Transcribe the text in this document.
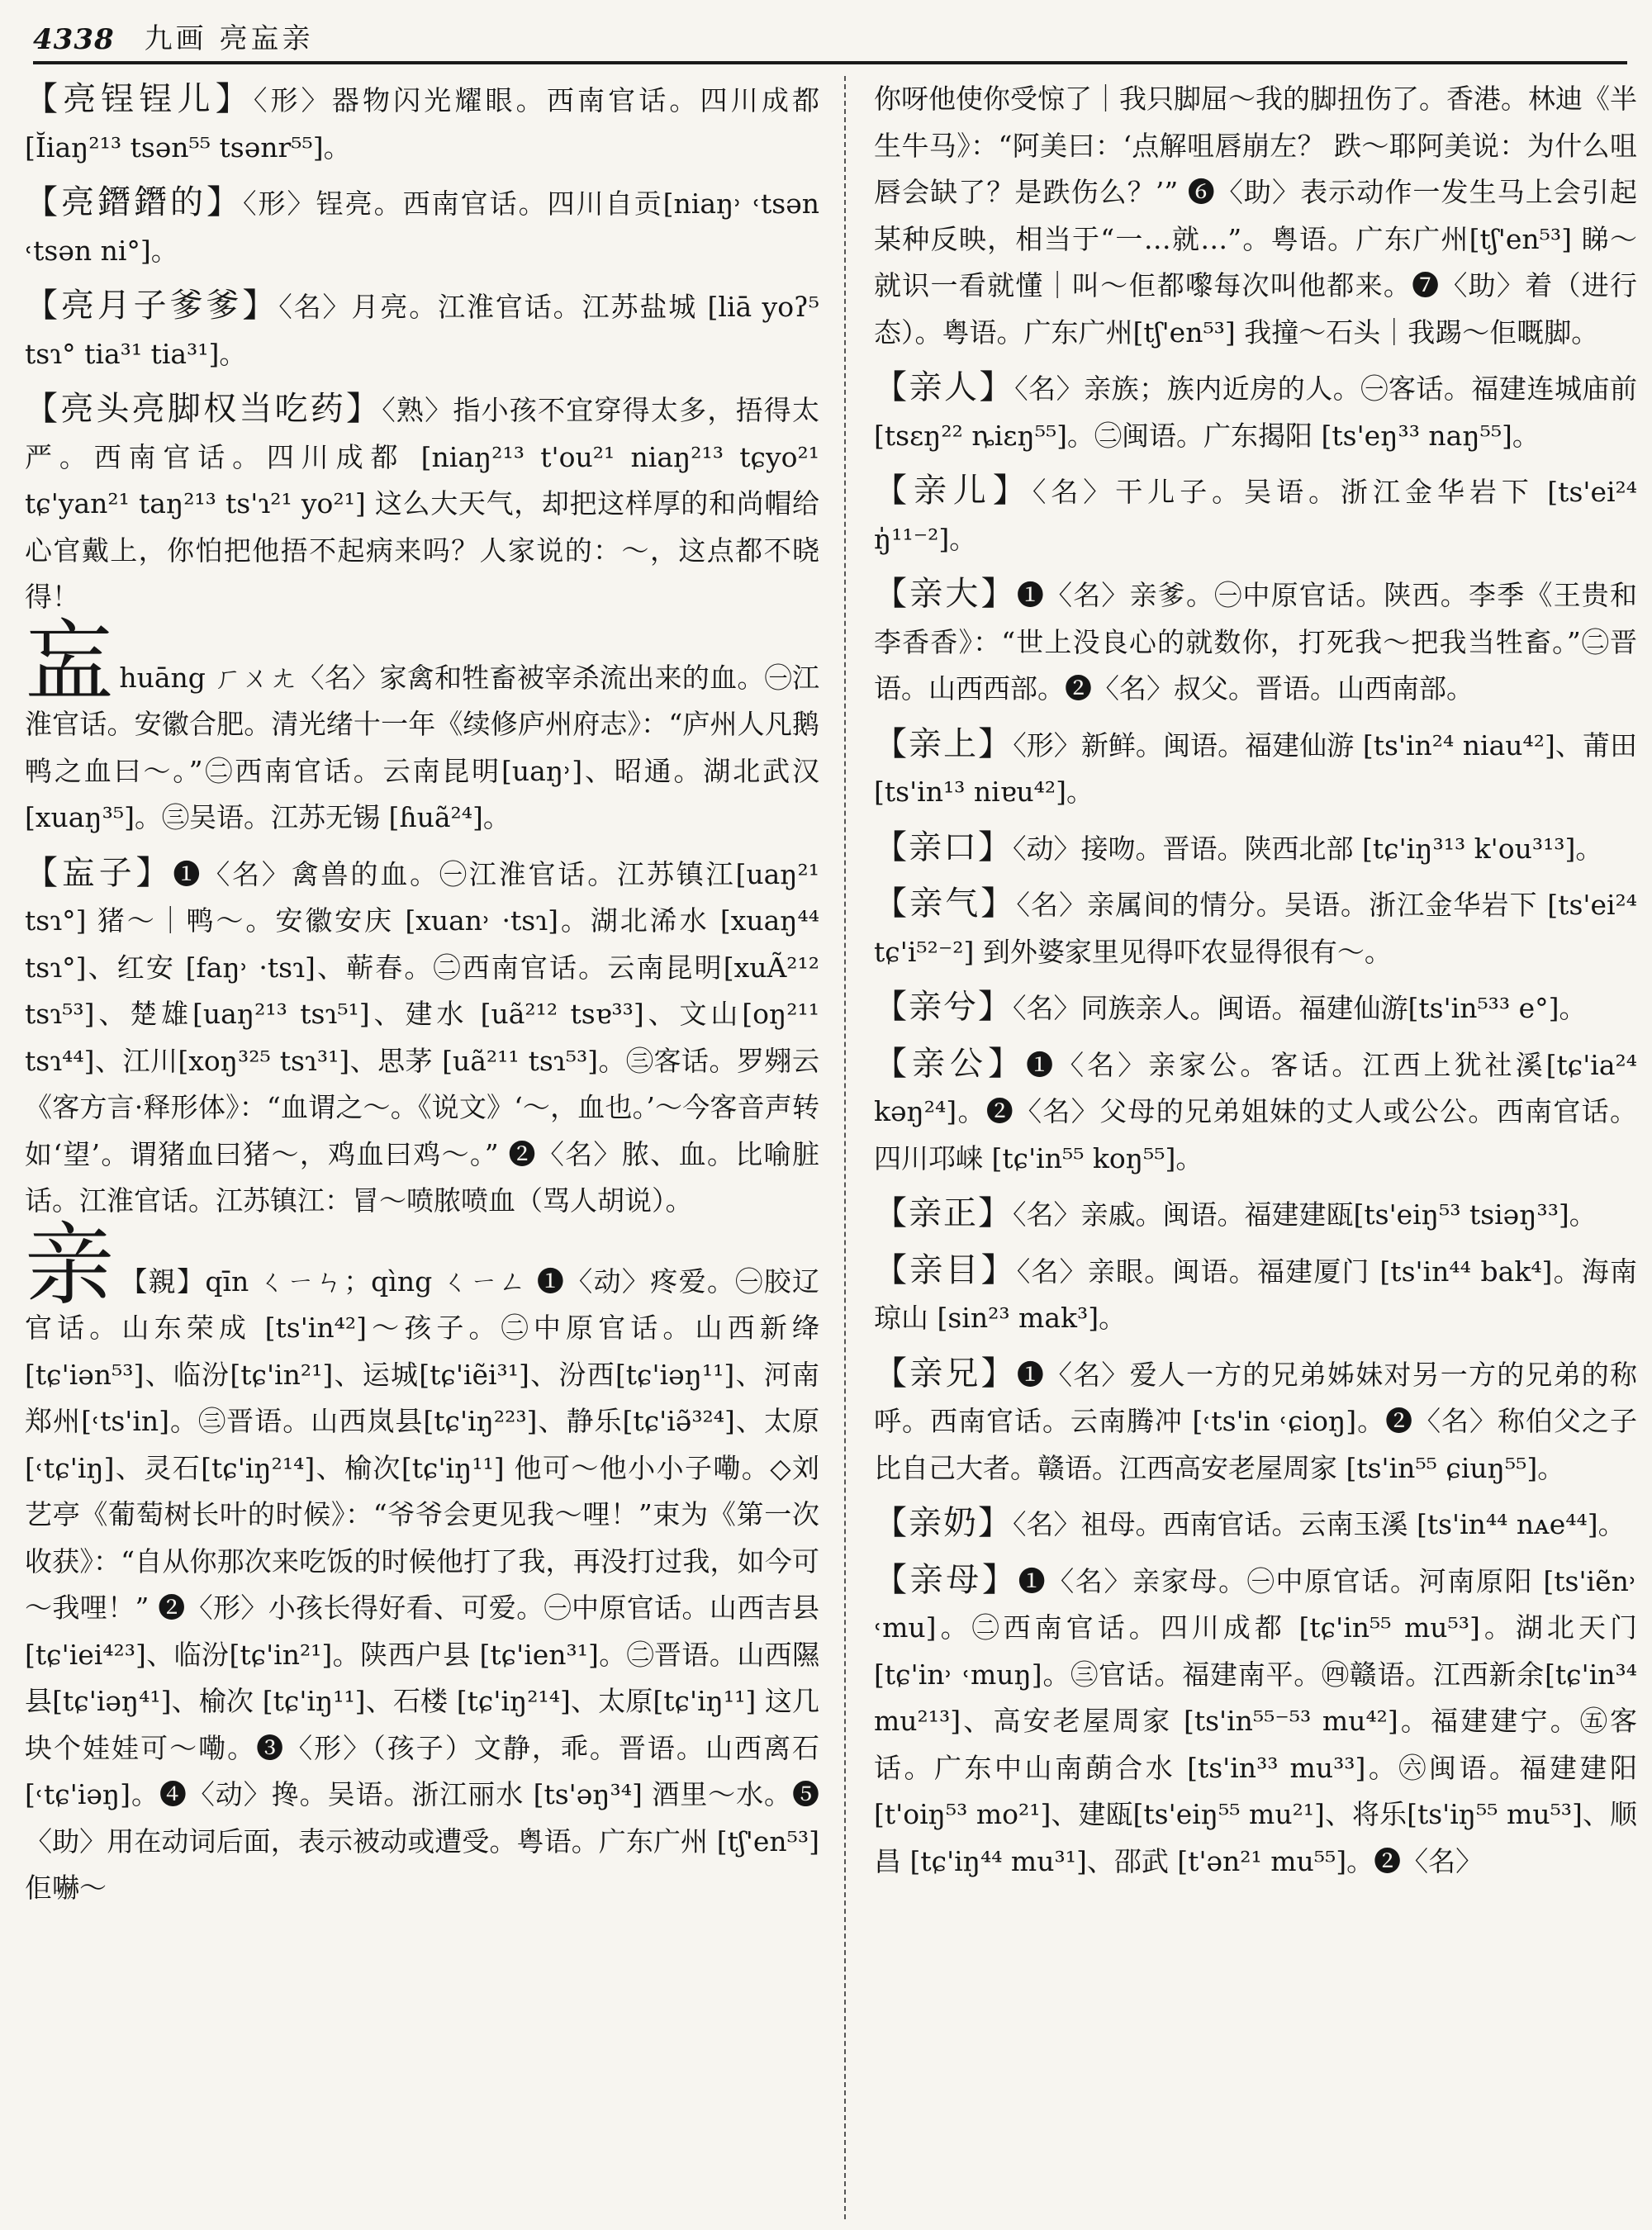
4338 九画 亮衁亲
【亮锃锃儿】〈形〉器物闪光耀眼。西南官话。四川成都 [Ĭiaŋ²¹³ tsən⁵⁵ tsənr⁵⁵]。
【亮鐕鐕的】〈形〉锃亮。西南官话。四川自贡[niaŋ˒ ˓tsən ˓tsən ni°]。
【亮月子爹爹】〈名〉月亮。江淮官话。江苏盐城 [liā yoʔ⁵ tsɿ° tia³¹ tia³¹]。
【亮头亮脚权当吃药】〈熟〉指小孩不宜穿得太多，捂得太严。西南官话。四川成都 [niaŋ²¹³ t'ou²¹ niaŋ²¹³ tɕyo²¹ tɕ'yan²¹ taŋ²¹³ ts'ɿ²¹ yo²¹] 这么大天气，却把这样厚的和尚帽给心官戴上，你怕把他捂不起病来吗？人家说的：～，这点都不晓得！
衁huāng ㄏㄨㄤ〈名〉家禽和牲畜被宰杀流出来的血。㊀江淮官话。安徽合肥。清光绪十一年《续修庐州府志》：“庐州人凡鹅鸭之血曰～。”㊁西南官话。云南昆明[uaŋ˒]、昭通。湖北武汉 [xuaŋ³⁵]。㊂吴语。江苏无锡 [ɦuã²⁴]。
【衁子】❶〈名〉禽兽的血。㊀江淮官话。江苏镇江[uaŋ²¹ tsɿ°] 猪～｜鸭～。安徽安庆 [xuan˒ ·tsɿ]。湖北浠水 [xuaŋ⁴⁴ tsɿ°]、红安 [faŋ˒ ·tsɿ]、蕲春。㊁西南官话。云南昆明[xuÃ²¹² tsɿ⁵³]、楚雄[uaŋ²¹³ tsɿ⁵¹]、建水 [uã²¹² tsɐ³³]、文山[oŋ²¹¹ tsɿ⁴⁴]、江川[xoŋ³²⁵ tsɿ³¹]、思茅 [uã²¹¹ tsɿ⁵³]。㊂客话。罗翙云《客方言·释形体》：“血谓之～。《说文》‘～，血也。’～今客音声转如‘望’。谓猪血曰猪～，鸡血曰鸡～。” ❷〈名〉脓、血。比喻脏话。江淮官话。江苏镇江：冒～喷脓喷血（骂人胡说）。
亲 【親】qīn ㄑㄧㄣ；qìng ㄑㄧㄥ ❶〈动〉疼爱。㊀胶辽官话。山东荣成 [ts'in⁴²]～孩子。㊁中原官话。山西新绛[tɕ'iən⁵³]、临汾[tɕ'in²¹]、运城[tɕ'iẽi³¹]、汾西[tɕ'iəŋ¹¹]、河南郑州[˓ts'in]。㊂晋语。山西岚县[tɕ'iŋ²²³]、静乐[tɕ'iə̃³²⁴]、太原[˓tɕ'iŋ]、灵石[tɕ'iŋ²¹⁴]、榆次[tɕ'iŋ¹¹] 他可～他小小子嘞。◇刘艺亭《葡萄树长叶的时候》：“爷爷会更见我～哩！”束为《第一次收获》：“自从你那次来吃饭的时候他打了我，再没打过我，如今可～我哩！” ❷〈形〉小孩长得好看、可爱。㊀中原官话。山西吉县 [tɕ'iei⁴²³]、临汾[tɕ'in²¹]。陕西户县 [tɕ'ien³¹]。㊁晋语。山西隰县[tɕ'iəŋ⁴¹]、榆次 [tɕ'iŋ¹¹]、石楼 [tɕ'iŋ²¹⁴]、太原[tɕ'iŋ¹¹] 这几块个娃娃可～嘞。❸〈形〉（孩子）文静，乖。晋语。山西离石 [˓tɕ'iəŋ]。❹〈动〉搀。吴语。浙江丽水 [ts'əŋ³⁴] 酒里～水。❺〈助〉用在动词后面，表示被动或遭受。粤语。广东广州 [tʃ'en⁵³] 佢嚇～
你呀他使你受惊了｜我只脚屈～我的脚扭伤了。香港。林迪《半生牛马》：“阿美曰：‘点解咀唇崩左？ 跌～耶阿美说：为什么咀唇会缺了？是跌伤么？’” ❻〈助〉表示动作一发生马上会引起某种反映，相当于“一…就…”。粤语。广东广州[tʃ'en⁵³] 睇～就识一看就懂｜叫～佢都嚟每次叫他都来。❼〈助〉着（进行态）。粤语。广东广州[tʃ'en⁵³] 我撞～石头｜我踢～佢嘅脚。
【亲人】〈名〉亲族；族内近房的人。㊀客话。福建连城庙前 [tsɛŋ²² ȵiɛŋ⁵⁵]。㊁闽语。广东揭阳 [ts'eŋ³³ naŋ⁵⁵]。
【亲儿】〈名〉干儿子。吴语。浙江金华岩下 [ts'ei²⁴ ŋ̍¹¹⁻²]。
【亲大】❶〈名〉亲爹。㊀中原官话。陕西。李季《王贵和李香香》：“世上没良心的就数你，打死我～把我当牲畜。”㊁晋语。山西西部。❷〈名〉叔父。晋语。山西南部。
【亲上】〈形〉新鲜。闽语。福建仙游 [ts'in²⁴ niau⁴²]、莆田 [ts'in¹³ niɐu⁴²]。
【亲口】〈动〉接吻。晋语。陕西北部 [tɕ'iŋ³¹³ k'ou³¹³]。
【亲气】〈名〉亲属间的情分。吴语。浙江金华岩下 [ts'ei²⁴ tɕ'i⁵²⁻²] 到外婆家里见得吓农显得很有～。
【亲兮】〈名〉同族亲人。闽语。福建仙游[ts'in⁵³³ e°]。
【亲公】❶〈名〉亲家公。客话。江西上犹社溪[tɕ'ia²⁴ kəŋ²⁴]。❷〈名〉父母的兄弟姐妹的丈人或公公。西南官话。四川邛崃 [tɕ'in⁵⁵ koŋ⁵⁵]。
【亲正】〈名〉亲戚。闽语。福建建瓯[ts'eiŋ⁵³ tsiəŋ³³]。
【亲目】〈名〉亲眼。闽语。福建厦门 [ts'in⁴⁴ bak⁴]。海南琼山 [sin²³ mak³]。
【亲兄】❶〈名〉爱人一方的兄弟姊妹对另一方的兄弟的称呼。西南官话。云南腾冲 [˓ts'in ˓ɕioŋ]。❷〈名〉称伯父之子比自己大者。赣语。江西高安老屋周家 [ts'in⁵⁵ ɕiuŋ⁵⁵]。
【亲奶】〈名〉祖母。西南官话。云南玉溪 [ts'in⁴⁴ nᴀe⁴⁴]。
【亲母】❶〈名〉亲家母。㊀中原官话。河南原阳 [ts'iẽn˒ ˓mu]。㊁西南官话。四川成都 [tɕ'in⁵⁵ mu⁵³]。湖北天门 [tɕ'in˒ ˓muŋ]。㊂官话。福建南平。㊃赣语。江西新余[tɕ'in³⁴ mu²¹³]、高安老屋周家 [ts'in⁵⁵⁻⁵³ mu⁴²]。福建建宁。㊄客话。广东中山南蓢合水 [ts'in³³ mu³³]。㊅闽语。福建建阳[t'oiŋ⁵³ mo²¹]、建瓯[ts'eiŋ⁵⁵ mu²¹]、将乐[ts'iŋ⁵⁵ mu⁵³]、顺昌 [tɕ'iŋ⁴⁴ mu³¹]、邵武 [t'ən²¹ mu⁵⁵]。❷〈名〉
